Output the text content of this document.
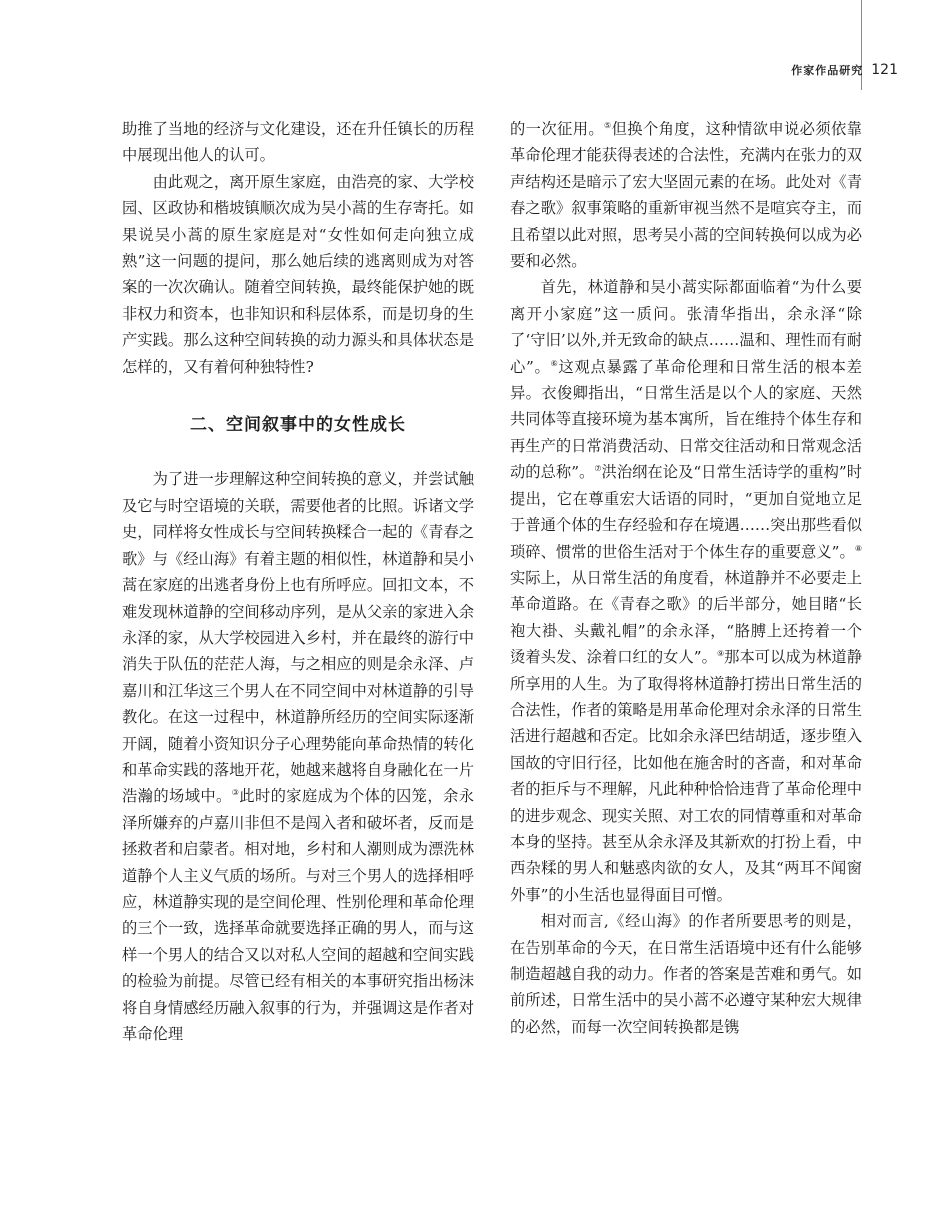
作家作品研究 121

助推了当地的经济与文化建设，还在升任镇长的历程中展现出他人的认可。

由此观之，离开原生家庭，由浩亮的家、大学校园、区政协和楷坡镇顺次成为吴小蒿的生存寄托。如果说吴小蒿的原生家庭是对“女性如何走向独立成熟”这一问题的提问，那么她后续的逃离则成为对答案的一次次确认。随着空间转换，最终能保护她的既非权力和资本，也非知识和科层体系，而是切身的生产实践。那么这种空间转换的动力源头和具体状态是怎样的，又有着何种独特性?

二、空间叙事中的女性成长

为了进一步理解这种空间转换的意义，并尝试触及它与时空语境的关联，需要他者的比照。诉诸文学史，同样将女性成长与空间转换糅合一起的《青春之歌》与《经山海》有着主题的相似性，林道静和吴小蒿在家庭的出逃者身份上也有所呼应。回扣文本，不难发现林道静的空间移动序列，是从父亲的家进入余永泽的家，从大学校园进入乡村，并在最终的游行中消失于队伍的茫茫人海，与之相应的则是余永泽、卢嘉川和江华这三个男人在不同空间中对林道静的引导教化。在这一过程中，林道静所经历的空间实际逐渐开阔，随着小资知识分子心理势能向革命热情的转化和革命实践的落地开花，她越来越将自身融化在一片浩瀚的场域中。③此时的家庭成为个体的囚笼，余永泽所嫌弃的卢嘉川非但不是闯入者和破坏者，反而是拯救者和启蒙者。相对地，乡村和人潮则成为漂洗林道静个人主义气质的场所。与对三个男人的选择相呼应，林道静实现的是空间伦理、性别伦理和革命伦理的三个一致，选择革命就要选择正确的男人，而与这样一个男人的结合又以对私人空间的超越和空间实践的检验为前提。尽管已经有相关的本事研究指出杨沫将自身情感经历融入叙事的行为，并强调这是作者对革命伦理

的一次征用。⑤但换个角度，这种情欲申说必须依靠革命伦理才能获得表述的合法性，充满内在张力的双声结构还是暗示了宏大坚固元素的在场。此处对《青春之歌》叙事策略的重新审视当然不是喧宾夺主，而且希望以此对照，思考吴小蒿的空间转换何以成为必要和必然。

首先，林道静和吴小蒿实际都面临着“为什么要离开小家庭”这一质问。张清华指出，余永泽“除了‘守旧’以外,并无致命的缺点……温和、理性而有耐心”。⑥这观点暴露了革命伦理和日常生活的根本差异。衣俊卿指出，“日常生活是以个人的家庭、天然共同体等直接环境为基本寓所，旨在维持个体生存和再生产的日常消费活动、日常交往活动和日常观念活动的总称”。⑦洪治纲在论及“日常生活诗学的重构”时提出，它在尊重宏大话语的同时，“更加自觉地立足于普通个体的生存经验和存在境遇……突出那些看似琐碎、惯常的世俗生活对于个体生存的重要意义”。⑧实际上，从日常生活的角度看，林道静并不必要走上革命道路。在《青春之歌》的后半部分，她目睹“长袍大褂、头戴礼帽”的余永泽，“胳膊上还挎着一个烫着头发、涂着口红的女人”。⑨那本可以成为林道静所享用的人生。为了取得将林道静打捞出日常生活的合法性，作者的策略是用革命伦理对余永泽的日常生活进行超越和否定。比如余永泽巴结胡适，逐步堕入国故的守旧行径，比如他在施舍时的吝啬，和对革命者的拒斥与不理解，凡此种种恰恰违背了革命伦理中的进步观念、现实关照、对工农的同情尊重和对革命本身的坚持。甚至从余永泽及其新欢的打扮上看，中西杂糅的男人和魅惑肉欲的女人，及其“两耳不闻窗外事”的小生活也显得面目可憎。

相对而言,《经山海》的作者所要思考的则是，在告别革命的今天，在日常生活语境中还有什么能够制造超越自我的动力。作者的答案是苦难和勇气。如前所述，日常生活中的吴小蒿不必遵守某种宏大规律的必然，而每一次空间转换都是镌
